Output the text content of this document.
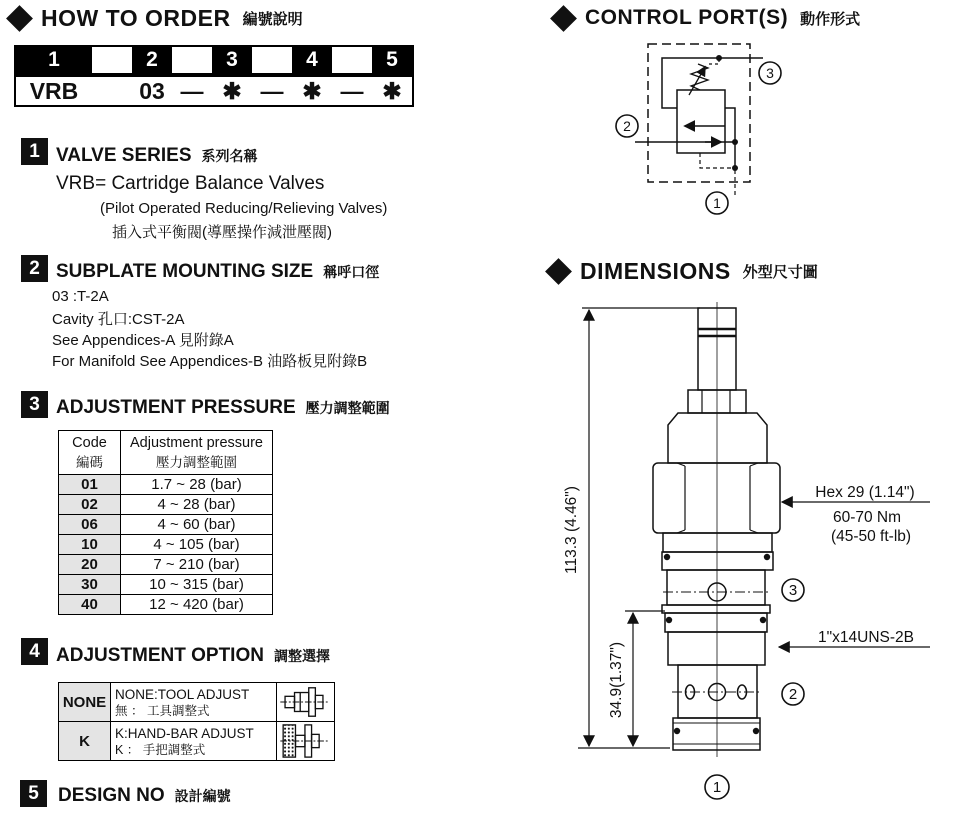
HOW TO ORDER 編號說明
1	2	3	4	5
VRB	03 — ✱ — ✱ — ✱
1 VALVE SERIES 系列名稱
VRB= Cartridge Balance Valves
(Pilot Operated Reducing/Relieving Valves)
插入式平衡閥(導壓操作減泄壓閥)
2 SUBPLATE MOUNTING SIZE 稱呼口徑
03 :T-2A
Cavity 孔口:CST-2A
See Appendices-A 見附錄A
For Manifold See Appendices-B 油路板見附錄B
3 ADJUSTMENT PRESSURE 壓力調整範圍
Code
編碼

Adjustment pressure
壓力調整範圍

01	1.7 ~ 28 (bar)
02	4 ~ 28 (bar)
06	4 ~ 60 (bar)
10	4 ~ 105 (bar)
20	7 ~ 210 (bar)
30	10 ~ 315 (bar)
40	12 ~ 420 (bar)
4 ADJUSTMENT OPTION 調整選擇
NONE	NONE:TOOL ADJUST
無 ： 工具調整式

K	K:HAND-BAR ADJUST
K ： 手把調整式

5	DESIGN NO 設計編號
CONTROL PORT(S) 動作形式
2
3
1
DIMENSIONS 外型尺寸圖
113.3 (4.46")
34.9(1.37")
Hex 29 (1.14")
60-70 Nm
(45-50 ft-lb)
1"x14UNS-2B
3
2
1
